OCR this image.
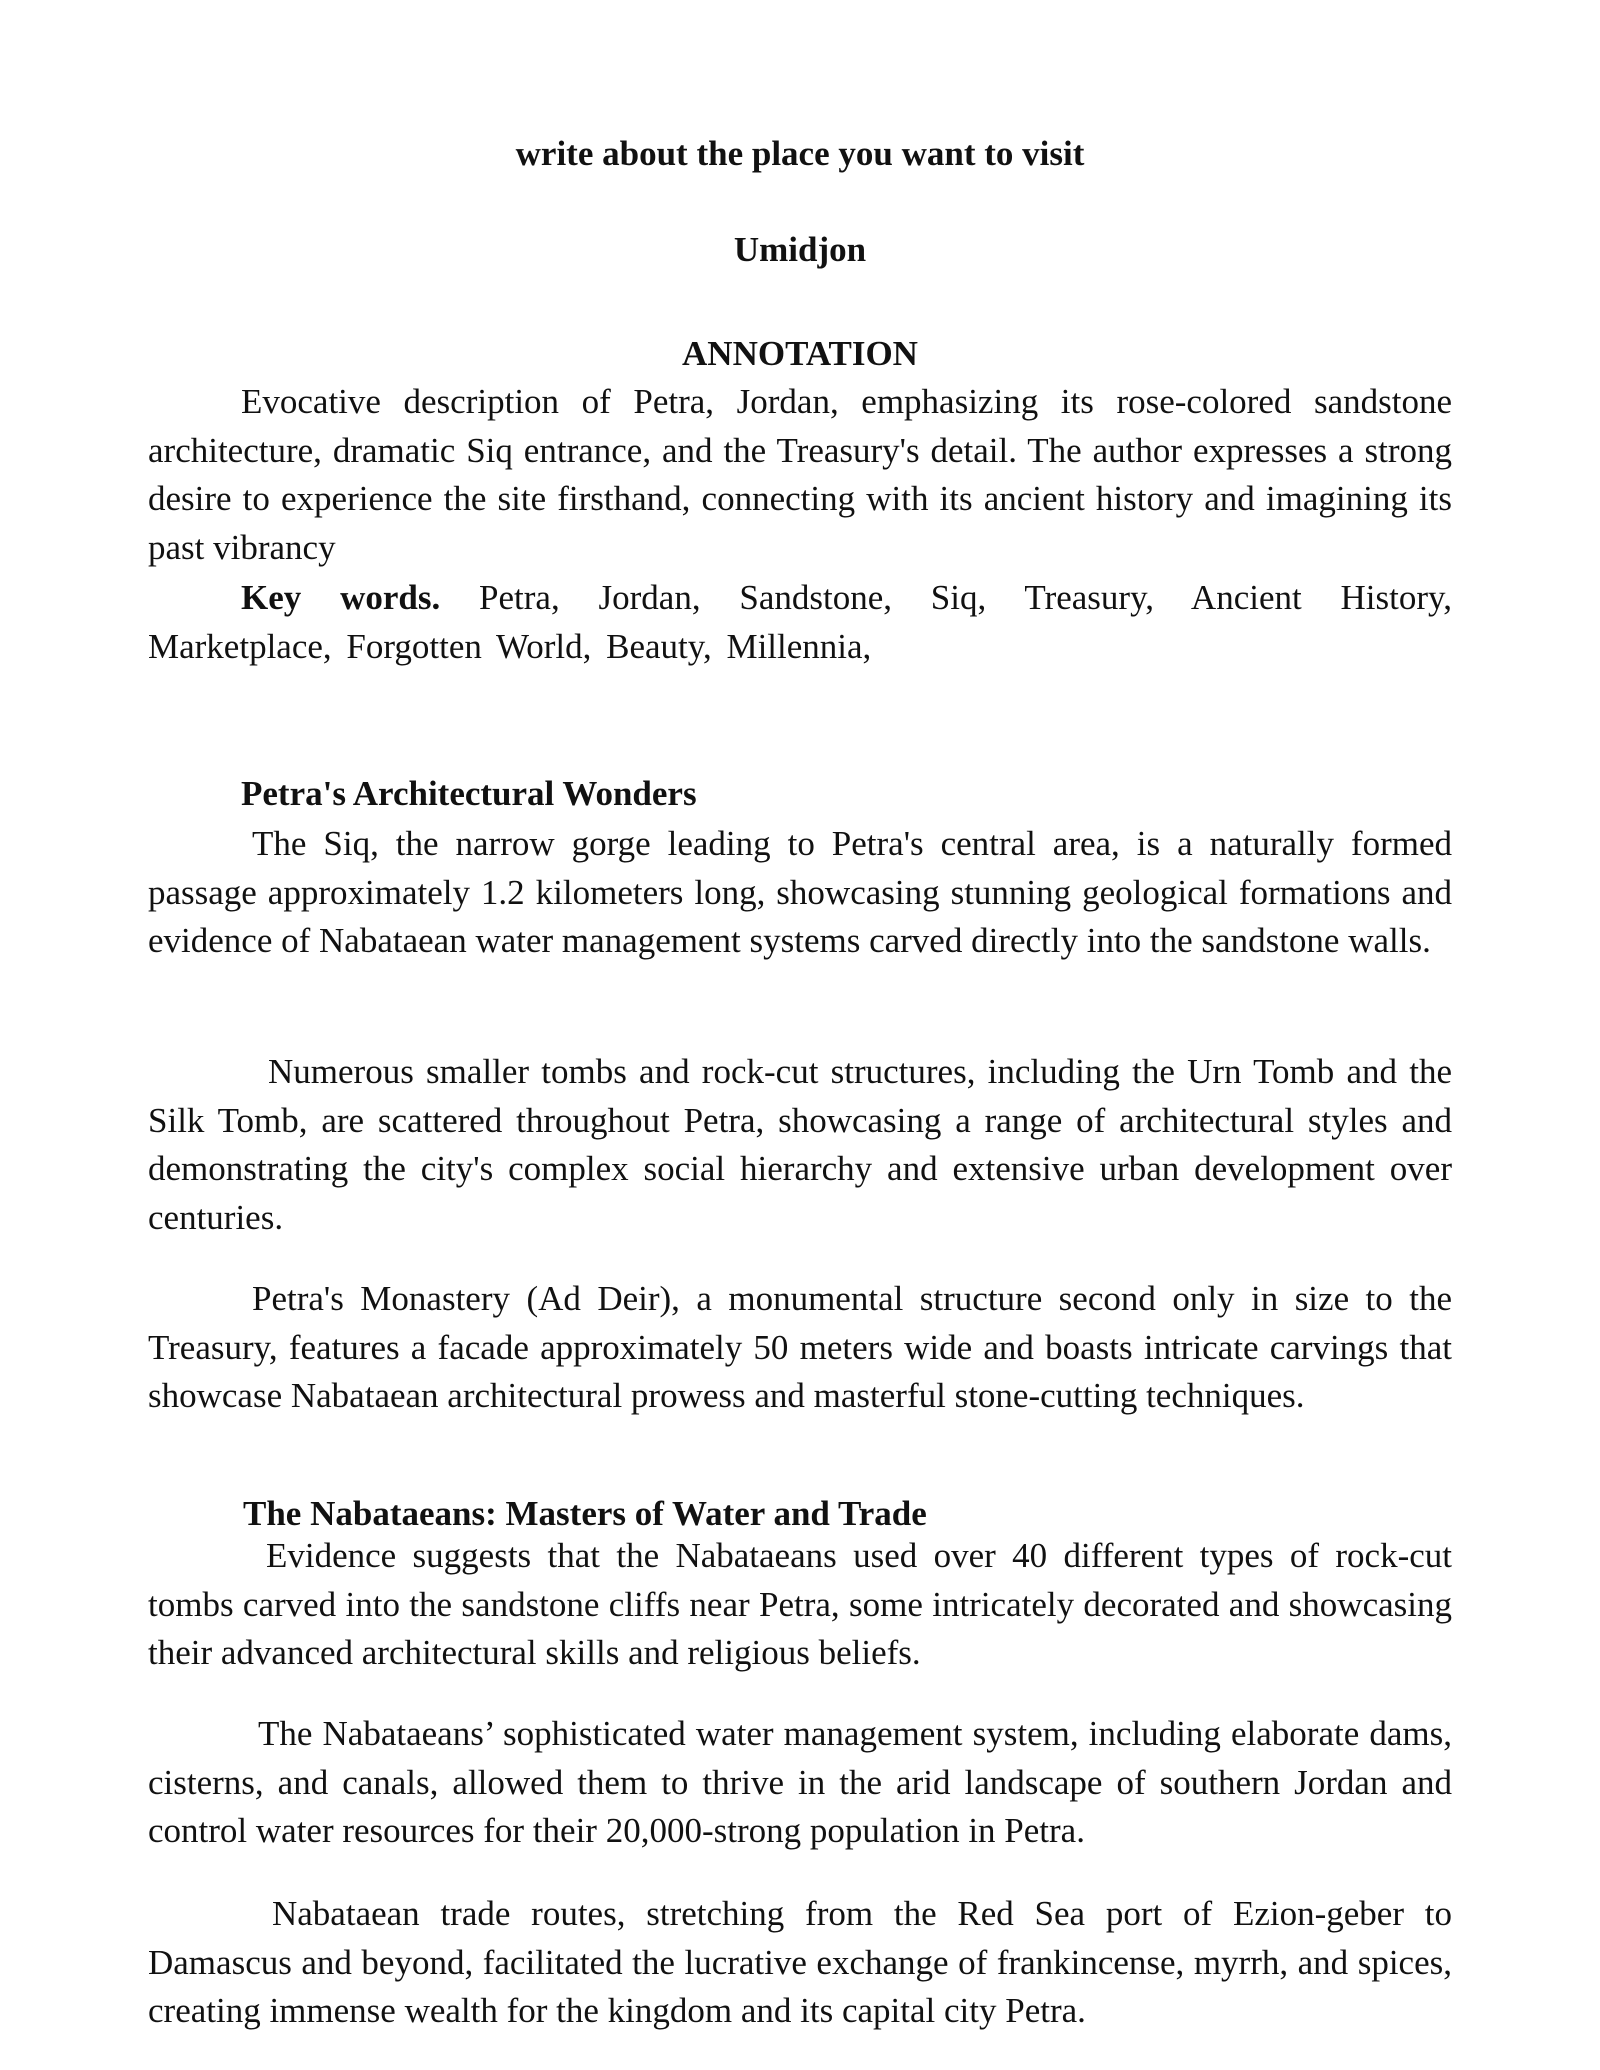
write about the place you want to visit
Umidjon
ANNOTATION

Evocative description of Petra, Jordan, emphasizing its rose-colored sandstone architecture, dramatic Siq entrance, and the Treasury's detail. The author expresses a strong desire to experience the site firsthand, connecting with its ancient history and imagining its past vibrancy

Key words. Petra, Jordan, Sandstone, Siq, Treasury, Ancient History, Marketplace, Forgotten World, Beauty, Millennia,

Petra's Architectural Wonders

The Siq, the narrow gorge leading to Petra's central area, is a naturally formed passage approximately 1.2 kilometers long, showcasing stunning geological formations and evidence of Nabataean water management systems carved directly into the sandstone walls.

Numerous smaller tombs and rock-cut structures, including the Urn Tomb and the Silk Tomb, are scattered throughout Petra, showcasing a range of architectural styles and demonstrating the city's complex social hierarchy and extensive urban development over centuries.

Petra's Monastery (Ad Deir), a monumental structure second only in size to the Treasury, features a facade approximately 50 meters wide and boasts intricate carvings that showcase Nabataean architectural prowess and masterful stone-cutting techniques.

The Nabataeans: Masters of Water and Trade

Evidence suggests that the Nabataeans used over 40 different types of rock-cut tombs carved into the sandstone cliffs near Petra, some intricately decorated and showcasing their advanced architectural skills and religious beliefs.

The Nabataeans’ sophisticated water management system, including elaborate dams, cisterns, and canals, allowed them to thrive in the arid landscape of southern Jordan and control water resources for their 20,000-strong population in Petra.

Nabataean trade routes, stretching from the Red Sea port of Ezion-geber to Damascus and beyond, facilitated the lucrative exchange of frankincense, myrrh, and spices, creating immense wealth for the kingdom and its capital city Petra.
